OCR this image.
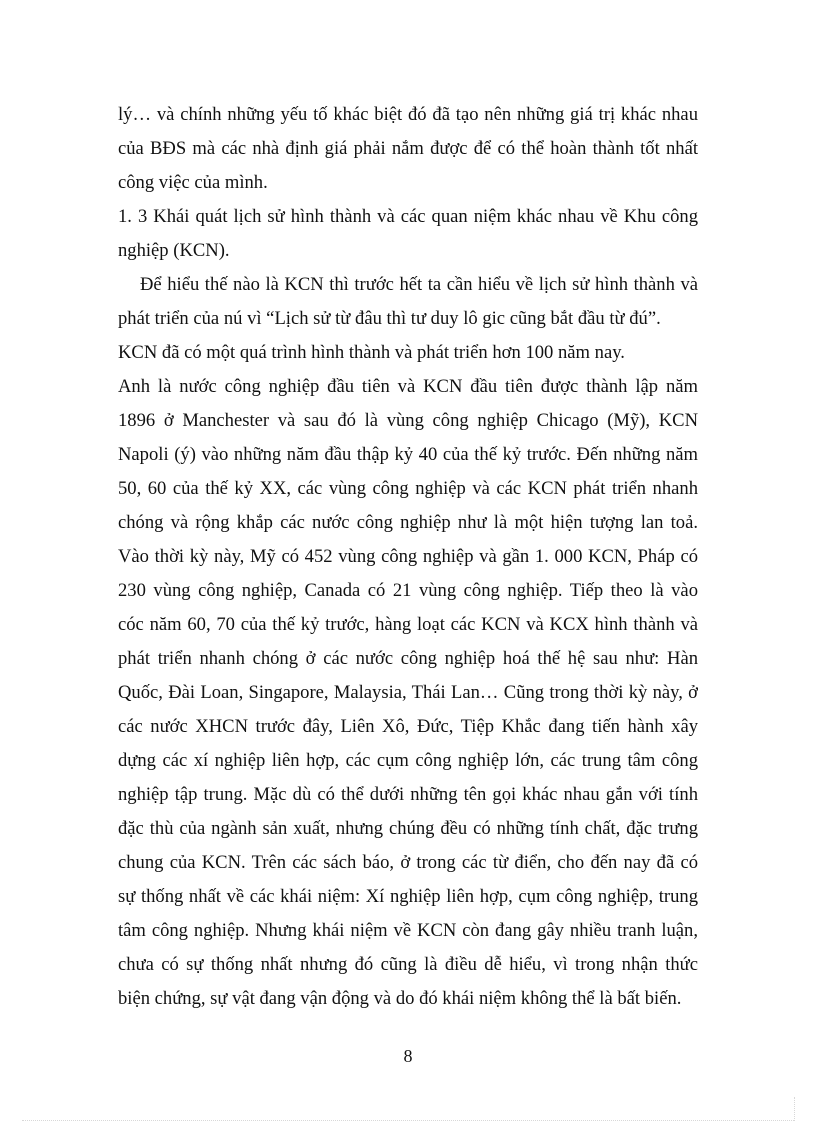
lý… và chính những yếu tố khác biệt đó đã tạo nên những giá trị khác nhau
của BĐS mà các nhà định giá phải nắm được để có thể hoàn thành tốt nhất
công việc của mình.
1. 3 Khái quát lịch sử hình thành và các quan niệm khác nhau về Khu công
nghiệp (KCN).
Để hiểu thế nào là KCN thì trước hết ta cần hiểu về lịch sử hình thành và
phát triển của nú vì “Lịch sử từ đâu thì tư duy lô gic cũng bắt đầu từ đú”.
KCN đã có một quá trình hình thành và phát triển hơn 100 năm nay.
Anh là nước công nghiệp đầu tiên và KCN đầu tiên được thành lập năm
1896 ở Manchester và sau đó là vùng công nghiệp Chicago (Mỹ), KCN
Napoli (ý) vào những năm đầu thập kỷ 40 của thế kỷ trước. Đến những năm
50, 60 của thế kỷ XX, các vùng công nghiệp và các KCN phát triển nhanh
chóng và rộng khắp các nước công nghiệp như là một hiện tượng lan toả.
Vào thời kỳ này, Mỹ có 452 vùng công nghiệp và gần 1. 000 KCN, Pháp có
230 vùng công nghiệp, Canada có 21 vùng công nghiệp. Tiếp theo là vào
cóc năm 60, 70 của thế kỷ trước, hàng loạt các KCN và KCX hình thành và
phát triển nhanh chóng ở các nước công nghiệp hoá thế hệ sau như: Hàn
Quốc, Đài Loan, Singapore, Malaysia, Thái Lan… Cũng trong thời kỳ này, ở
các nước XHCN trước đây, Liên Xô, Đức, Tiệp Khắc đang tiến hành xây
dựng các xí nghiệp liên hợp, các cụm công nghiệp lớn, các trung tâm công
nghiệp tập trung. Mặc dù có thể dưới những tên gọi khác nhau gắn với tính
đặc thù của ngành sản xuất, nhưng chúng đều có những tính chất, đặc trưng
chung của KCN. Trên các sách báo, ở trong các từ điển, cho đến nay đã có
sự thống nhất về các khái niệm: Xí nghiệp liên hợp, cụm công nghiệp, trung
tâm công nghiệp. Nhưng khái niệm về KCN còn đang gây nhiều tranh luận,
chưa có sự thống nhất nhưng đó cũng là điều dễ hiểu, vì trong nhận thức
biện chứng, sự vật đang vận động và do đó khái niệm không thể là bất biến.
8
